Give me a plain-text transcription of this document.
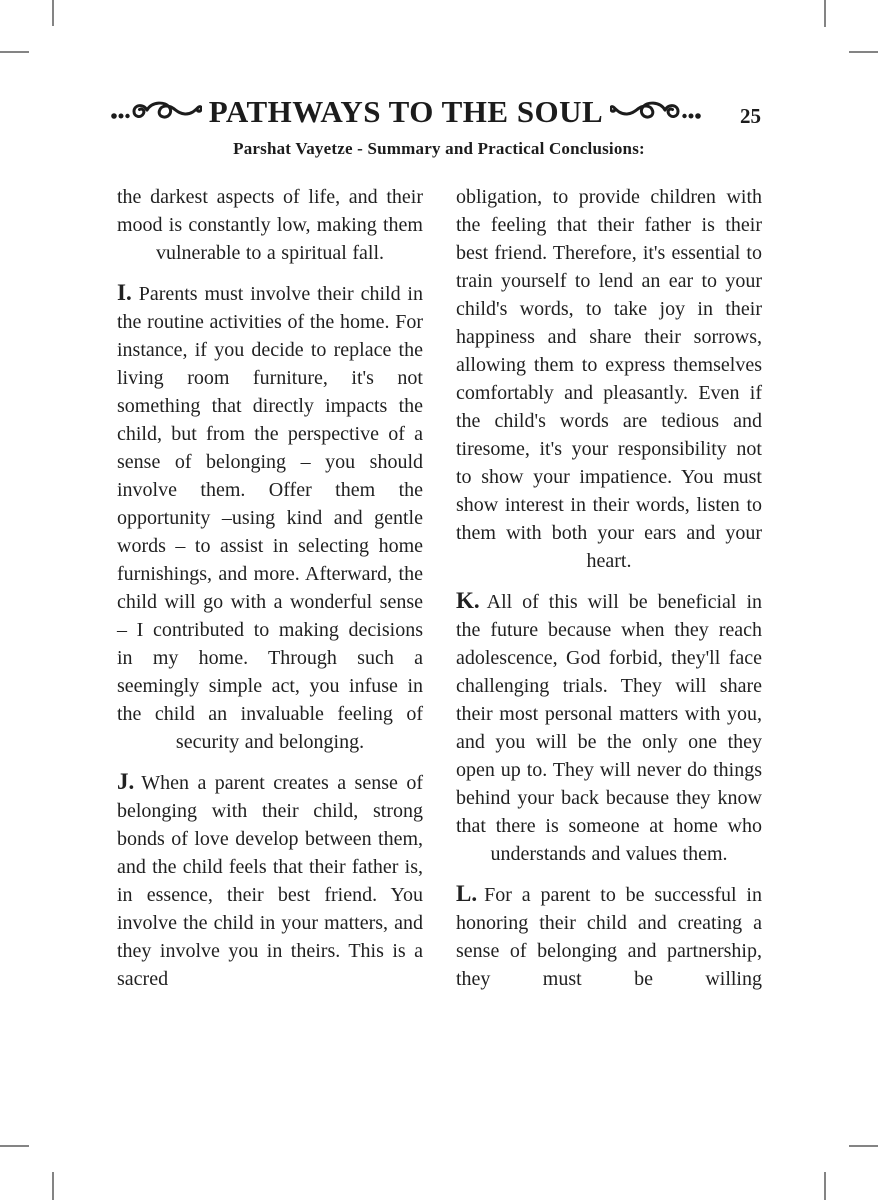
PATHWAYS TO THE SOUL	25
Parshat Vayetze - Summary and Practical Conclusions:

the darkest aspects of life, and their mood is constantly low, making them vulnerable to a spiritual fall.

I. Parents must involve their child in the routine activities of the home. For instance, if you decide to replace the living room furniture, it's not something that directly impacts the child, but from the perspective of a sense of belonging – you should involve them. Offer them the opportunity –using kind and gentle words – to assist in selecting home furnishings, and more. Afterward, the child will go with a wonderful sense – I contributed to making decisions in my home. Through such a seemingly simple act, you infuse in the child an invaluable feeling of security and belonging.

J. When a parent creates a sense of belonging with their child, strong bonds of love develop between them, and the child feels that their father is, in essence, their best friend. You involve the child in your matters, and they involve you in theirs. This is a sacred

obligation, to provide children with the feeling that their father is their best friend. Therefore, it's essential to train yourself to lend an ear to your child's words, to take joy in their happiness and share their sorrows, allowing them to express themselves comfortably and pleasantly. Even if the child's words are tedious and tiresome, it's your responsibility not to show your impatience. You must show interest in their words, listen to them with both your ears and your heart.

K. All of this will be beneficial in the future because when they reach adolescence, God forbid, they'll face challenging trials. They will share their most personal matters with you, and you will be the only one they open up to. They will never do things behind your back because they know that there is someone at home who understands and values them.

L. For a parent to be successful in honoring their child and creating a sense of belonging and partnership, they must be willing
